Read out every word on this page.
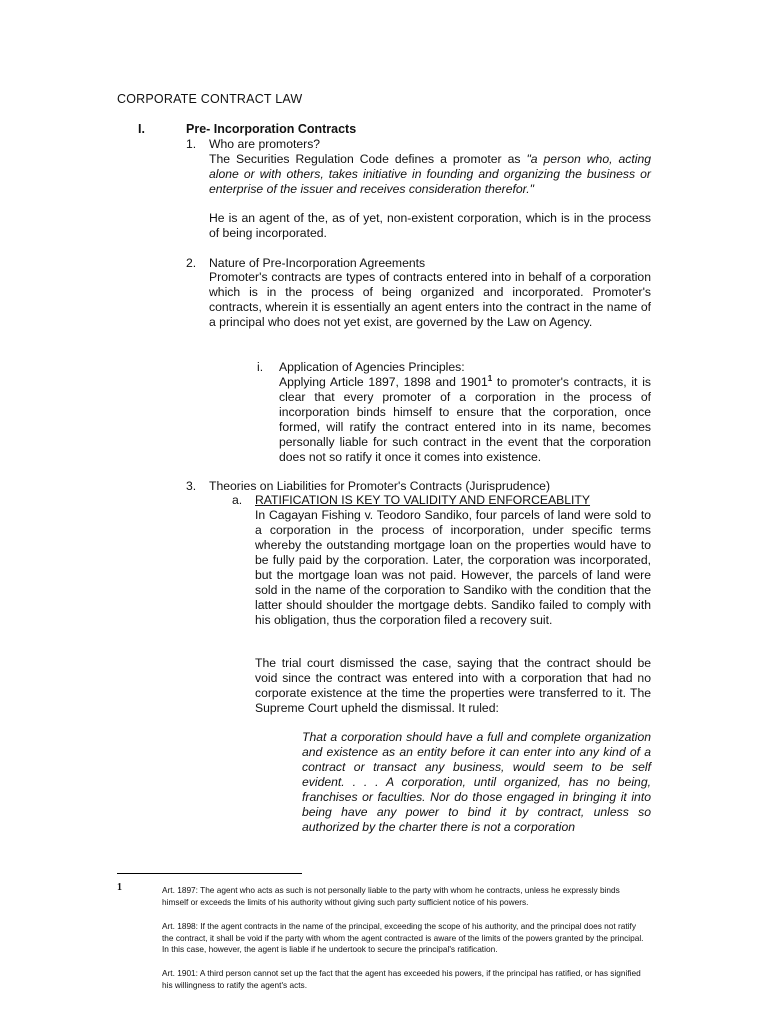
CORPORATE CONTRACT LAW
I.	Pre- Incorporation Contracts
1.	Who are promoters?

The Securities Regulation Code defines a promoter as "a person who, acting alone or with others, takes initiative in founding and organizing the business or enterprise of the issuer and receives consideration therefor."

He is an agent of the, as of yet, non-existent corporation, which is in the process of being incorporated.

2.	Nature of Pre-Incorporation Agreements

Promoter's contracts are types of contracts entered into in behalf of a corporation which is in the process of being organized and incorporated. Promoter's contracts, wherein it is essentially an agent enters into the contract in the name of a principal who does not yet exist, are governed by the Law on Agency.

i. Application of Agencies Principles:

Applying Article 1897, 1898 and 1901$^1$ to promoter's contracts, it is clear that every promoter of a corporation in the process of incorporation binds himself to ensure that the corporation, once formed, will ratify the contract entered into in its name, becomes personally liable for such contract in the event that the corporation does not so ratify it once it comes into existence.

3.	Theories on Liabilities for Promoter's Contracts (Jurisprudence)
a. RATIFICATION IS KEY TO VALIDITY AND ENFORCEABLITY

In Cagayan Fishing v. Teodoro Sandiko, four parcels of land were sold to a corporation in the process of incorporation, under specific terms whereby the outstanding mortgage loan on the properties would have to be fully paid by the corporation. Later, the corporation was incorporated, but the mortgage loan was not paid. However, the parcels of land were sold in the name of the corporation to Sandiko with the condition that the latter should shoulder the mortgage debts. Sandiko failed to comply with his obligation, thus the corporation filed a recovery suit.

The trial court dismissed the case, saying that the contract should be void since the contract was entered into with a corporation that had no corporate existence at the time the properties were transferred to it. The Supreme Court upheld the dismissal. It ruled:

That a corporation should have a full and complete organization and existence as an entity before it can enter into any kind of a contract or transact any business, would seem to be self evident. . . . A corporation, until organized, has no being, franchises or faculties. Nor do those engaged in bringing it into being have any power to bind it by contract, unless so authorized by the charter there is not a corporation

1	Art. 1897: The agent who acts as such is not personally liable to the party with whom he contracts, unless he expressly binds himself or exceeds the limits of his authority without giving such party sufficient notice of his powers.

Art. 1898: If the agent contracts in the name of the principal, exceeding the scope of his authority, and the principal does not ratify the contract, it shall be void if the party with whom the agent contracted is aware of the limits of the powers granted by the principal. In this case, however, the agent is liable if he undertook to secure the principal's ratification.

Art. 1901: A third person cannot set up the fact that the agent has exceeded his powers, if the principal has ratified, or has signified his willingness to ratify the agent's acts.
